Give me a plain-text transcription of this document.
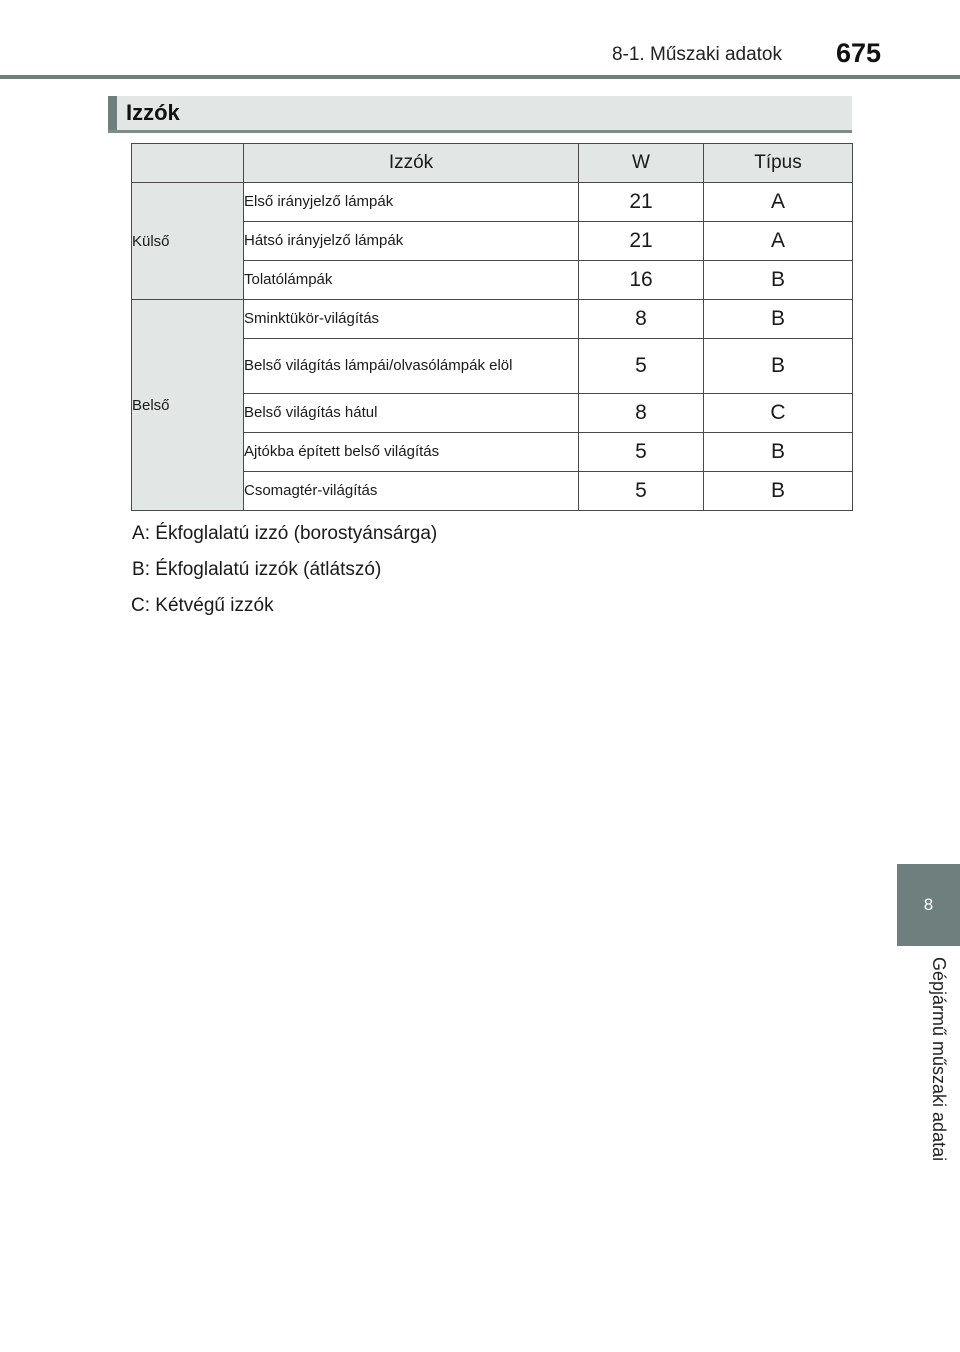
8-1. Műszaki adatok 675
8
Gépjármű műszaki adatai
Izzók
	Izzók	W	Típus
Külső	Első irányjelző lámpák	21	A
	Hátsó irányjelző lámpák	21	A
	Tolatólámpák	16	B
Belső	Sminktükör-világítás	8	B
	Belső világítás lámpái/olvasólámpák elöl	5	B
	Belső világítás hátul	8	C
	Ajtókba épített belső világítás	5	B
	Csomagtér-világítás	5	B
A: Ékfoglalatú izzó (borostyánsárga)
B: Ékfoglalatú izzók (átlátszó)
C: Kétvégű izzók
